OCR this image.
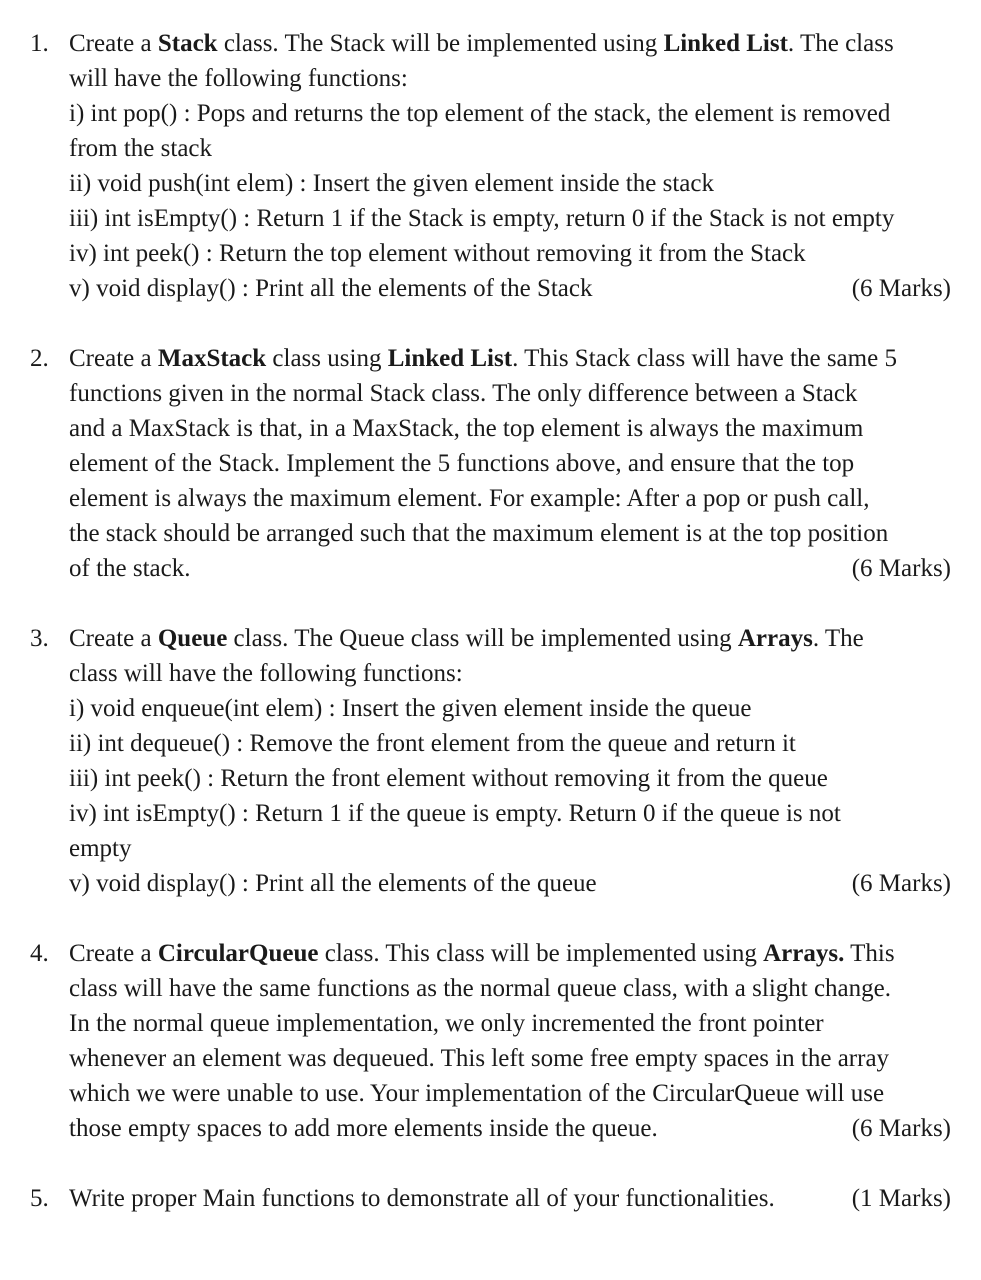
1. Create a Stack class. The Stack will be implemented using Linked List. The class
will have the following functions:
i) int pop() : Pops and returns the top element of the stack, the element is removed
from the stack
ii) void push(int elem) : Insert the given element inside the stack
iii) int isEmpty() : Return 1 if the Stack is empty, return 0 if the Stack is not empty
iv) int peek() : Return the top element without removing it from the Stack
v) void display() : Print all the elements of the Stack	(6 Marks)
2. Create a MaxStack class using Linked List. This Stack class will have the same 5
functions given in the normal Stack class. The only difference between a Stack
and a MaxStack is that, in a MaxStack, the top element is always the maximum
element of the Stack. Implement the 5 functions above, and ensure that the top
element is always the maximum element. For example: After a pop or push call,
the stack should be arranged such that the maximum element is at the top position
of the stack.	(6 Marks)
3. Create a Queue class. The Queue class will be implemented using Arrays. The
class will have the following functions:
i) void enqueue(int elem) : Insert the given element inside the queue
ii) int dequeue() : Remove the front element from the queue and return it
iii) int peek() : Return the front element without removing it from the queue
iv) int isEmpty() : Return 1 if the queue is empty. Return 0 if the queue is not
empty
v) void display() : Print all the elements of the queue	(6 Marks)
4. Create a CircularQueue class. This class will be implemented using Arrays. This
class will have the same functions as the normal queue class, with a slight change.
In the normal queue implementation, we only incremented the front pointer
whenever an element was dequeued. This left some free empty spaces in the array
which we were unable to use. Your implementation of the CircularQueue will use
those empty spaces to add more elements inside the queue.	(6 Marks)
5. Write proper Main functions to demonstrate all of your functionalities.	(1 Marks)
